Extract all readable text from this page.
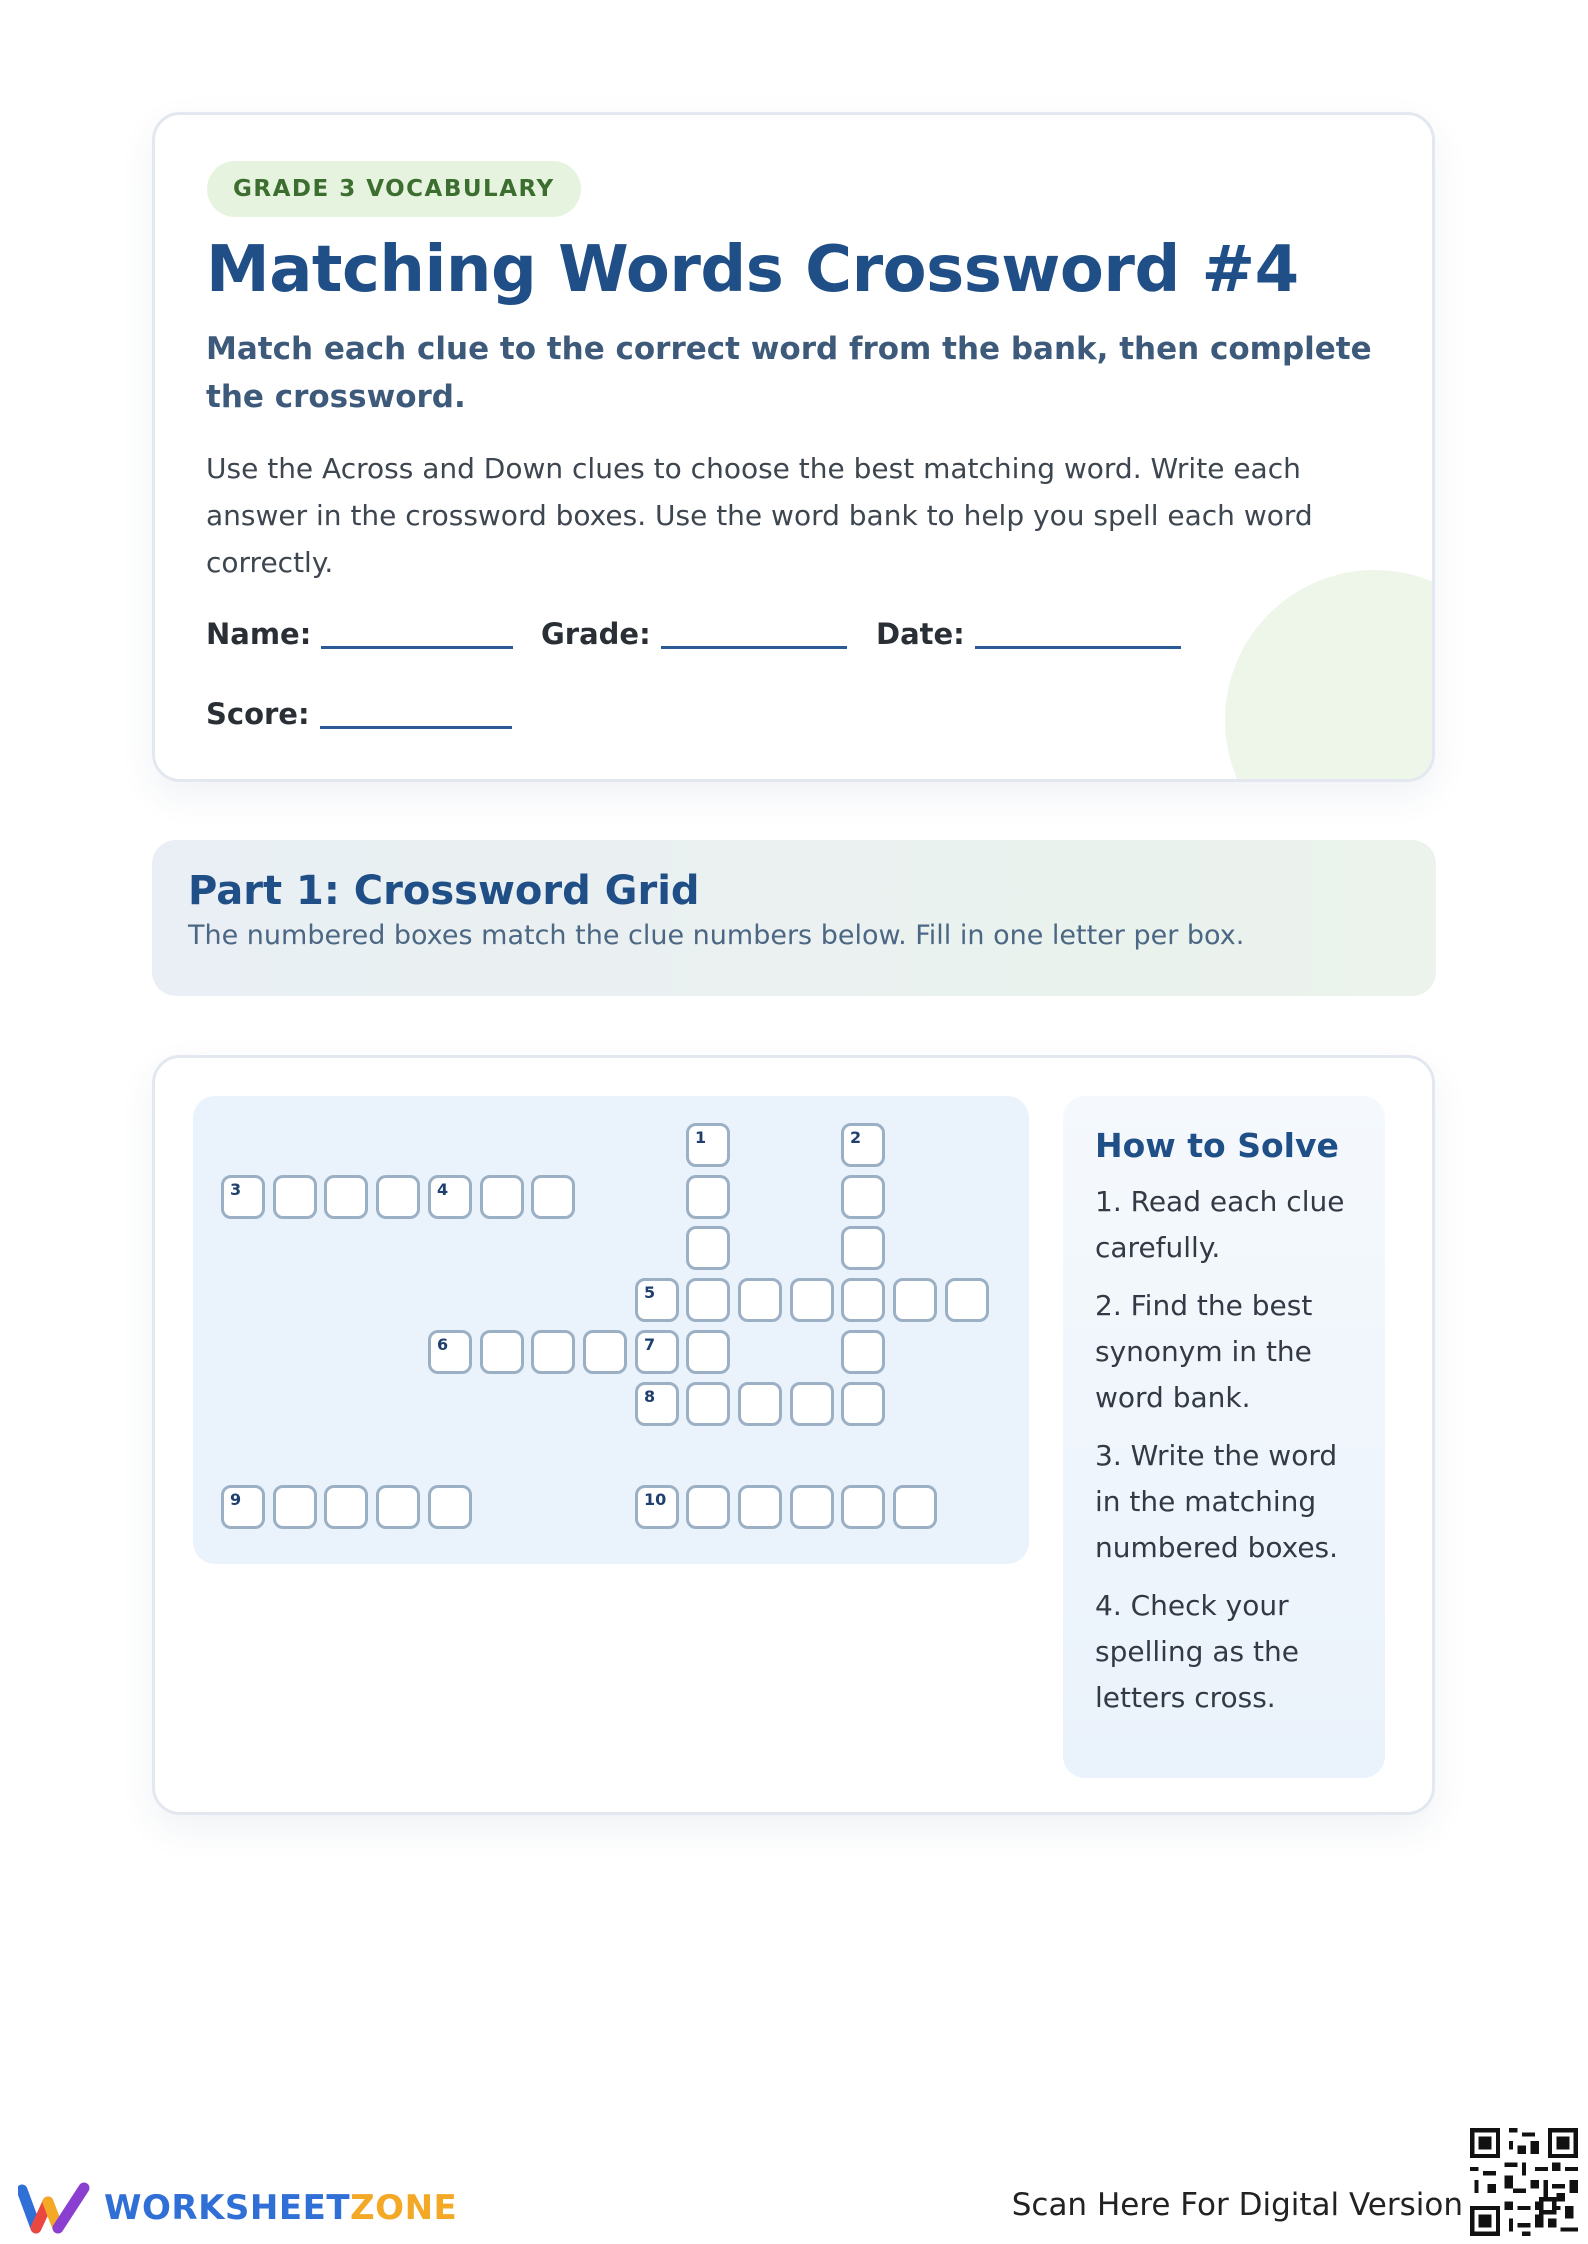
GRADE 3 VOCABULARY
Matching Words Crossword #4

Match each clue to the correct word from the bank, then complete the crossword.

Use the Across and Down clues to choose the best matching word. Write each answer in the crossword boxes. Use the word bank to help you spell each word correctly.

Name:	Grade:	Date:
Score:
Part 1: Crossword Grid

The numbered boxes match the clue numbers below. Fill in one letter per box.

1	2
3	4
5
6	7
8
9	10
How to Solve
1. Read each clue carefully.
2. Find the best synonym in the word bank.
3. Write the word in the matching numbered boxes.
4. Check your spelling as the letters cross.
WORKSHEETZONE	Scan Here For Digital Version
